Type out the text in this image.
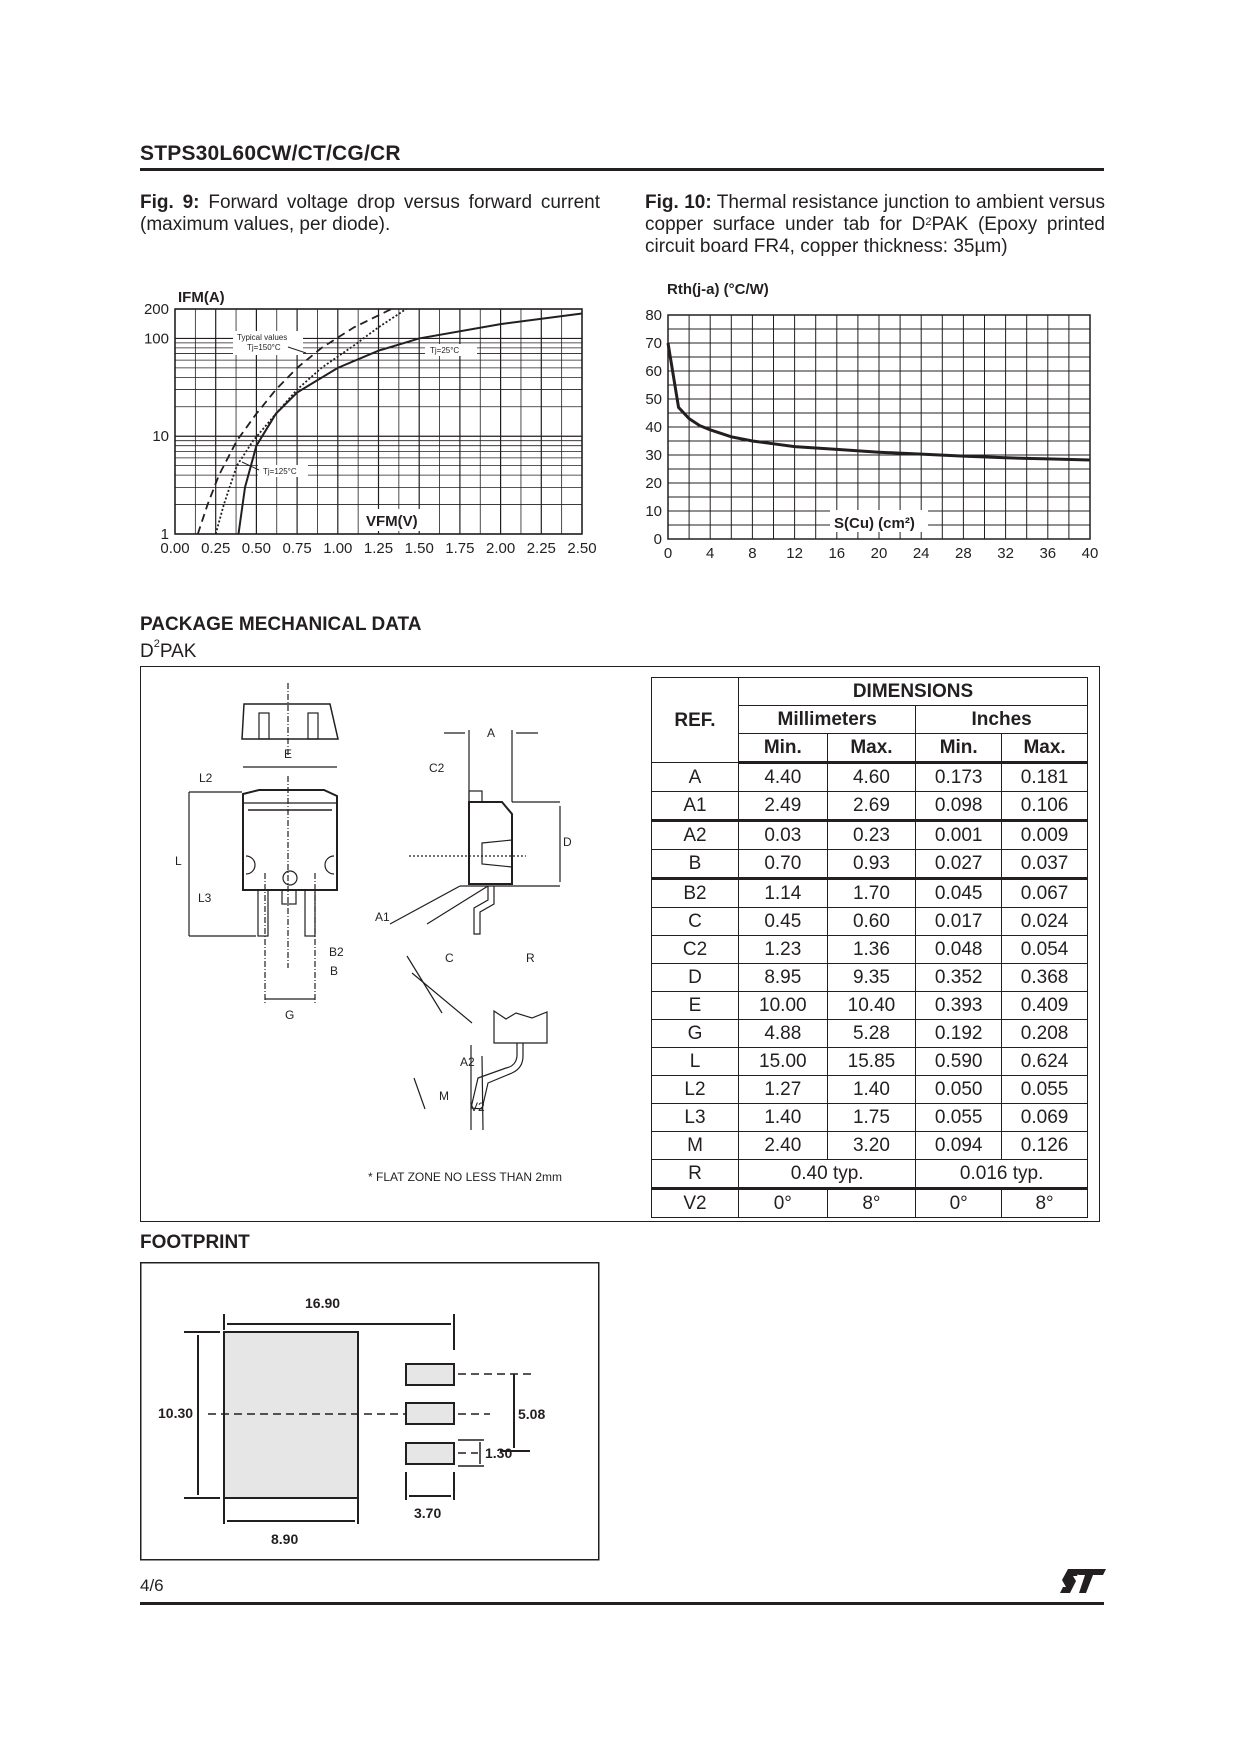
STPS30L60CW/CT/CG/CR
Fig. 9: Forward voltage drop versus forward current (maximum values, per diode).
Fig. 10: Thermal resistance junction to ambient versus copper surface under tab for $D^2PAK$ (Epoxy printed circuit board FR4, copper thickness: 35µm)
IFM(A)
0.00 0.25 0.50 0.75 1.00 1.25 1.50 1.75 2.00 2.25 2.50
1
10
100
200
VFM(V)
Typical values
Tj=150°C	Tj=25°C
Tj=125°C
Rth(j-a) (°C/W)
0 4 8 12 16 20 24 28 32 36 40
0
10
20
30
40
50
60
70
80
S(Cu) (cm²)
PACKAGE MECHANICAL DATA
$D^2PAK$
E
L2
L
L3
B2
B
G
A
C2
D
A1
C	R
A2
M
V2
* FLAT ZONE NO LESS THAN 2mm
REF.	DIMENSIONS			
	Millimeters		Inches	
	Min.	Max.	Min.	Max.
A	4.40	4.60	0.173	0.181
A1	2.49	2.69	0.098	0.106
A2	0.03	0.23	0.001	0.009
B	0.70	0.93	0.027	0.037
B2	1.14	1.70	0.045	0.067
C	0.45	0.60	0.017	0.024
C2	1.23	1.36	0.048	0.054
D	8.95	9.35	0.352	0.368
E	10.00	10.40	0.393	0.409
G	4.88	5.28	0.192	0.208
L	15.00	15.85	0.590	0.624
L2	1.27	1.40	0.050	0.055
L3	1.40	1.75	0.055	0.069
M	2.40	3.20	0.094	0.126
R	0.40 typ.		0.016 typ.	
V2	0°	8°	0°	8°
FOOTPRINT
16.90
10.30
8.90
5.08
1.30
3.70
4/6
